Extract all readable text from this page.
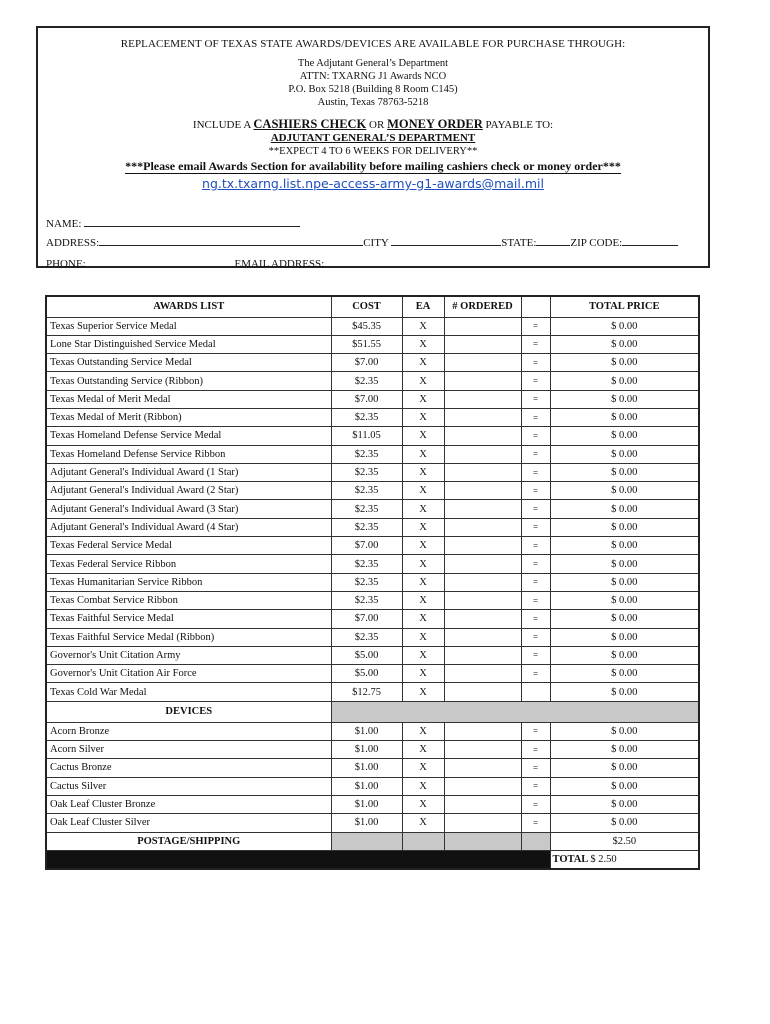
REPLACEMENT OF TEXAS STATE AWARDS/DEVICES ARE AVAILABLE FOR PURCHASE THROUGH:
The Adjutant General’s Department
ATTN: TXARNG J1 Awards NCO
P.O. Box 5218 (Building 8 Room C145)
Austin, Texas 78763-5218
INCLUDE A CASHIERS CHECK OR MONEY ORDER PAYABLE TO:
ADJUTANT GENERAL’S DEPARTMENT
**EXPECT 4 TO 6 WEEKS FOR DELIVERY**
***Please email Awards Section for availability before mailing cashiers check or money order***
ng.tx.txarng.list.npe-access-army-g1-awards@mail.mil
NAME:
ADDRESS:	CITY	STATE:	ZIP CODE:
PHONE:	EMAIL ADDRESS:
AWARDS LIST	COST	EA	# ORDERED		TOTAL PRICE
Texas Superior Service Medal	$45.35	X		=	$ 0.00
Lone Star Distinguished Service Medal	$51.55	X		=	$ 0.00
Texas Outstanding Service Medal	$7.00	X		=	$ 0.00
Texas Outstanding Service (Ribbon)	$2.35	X		=	$ 0.00
Texas Medal of Merit Medal	$7.00	X		=	$ 0.00
Texas Medal of Merit (Ribbon)	$2.35	X		=	$ 0.00
Texas Homeland Defense Service Medal	$11.05	X		=	$ 0.00
Texas Homeland Defense Service Ribbon	$2.35	X		=	$ 0.00
Adjutant General's Individual Award (1 Star)	$2.35	X		=	$ 0.00
Adjutant General's Individual Award (2 Star)	$2.35	X		=	$ 0.00
Adjutant General's Individual Award (3 Star)	$2.35	X		=	$ 0.00
Adjutant General's Individual Award (4 Star)	$2.35	X		=	$ 0.00
Texas Federal Service Medal	$7.00	X		=	$ 0.00
Texas Federal Service Ribbon	$2.35	X		=	$ 0.00
Texas Humanitarian Service Ribbon	$2.35	X		=	$ 0.00
Texas Combat Service Ribbon	$2.35	X		=	$ 0.00
Texas Faithful Service Medal	$7.00	X		=	$ 0.00
Texas Faithful Service Medal (Ribbon)	$2.35	X		=	$ 0.00
Governor's Unit Citation Army	$5.00	X		=	$ 0.00
Governor's Unit Citation Air Force	$5.00	X		=	$ 0.00
Texas Cold War Medal	$12.75	X			$ 0.00
DEVICES					
Acorn Bronze	$1.00	X		=	$ 0.00
Acorn Silver	$1.00	X		=	$ 0.00
Cactus Bronze	$1.00	X		=	$ 0.00
Cactus Silver	$1.00	X		=	$ 0.00
Oak Leaf Cluster Bronze	$1.00	X		=	$ 0.00
Oak Leaf Cluster Silver	$1.00	X		=	$ 0.00
POSTAGE/SHIPPING					$2.50
					TOTAL $ 2.50
